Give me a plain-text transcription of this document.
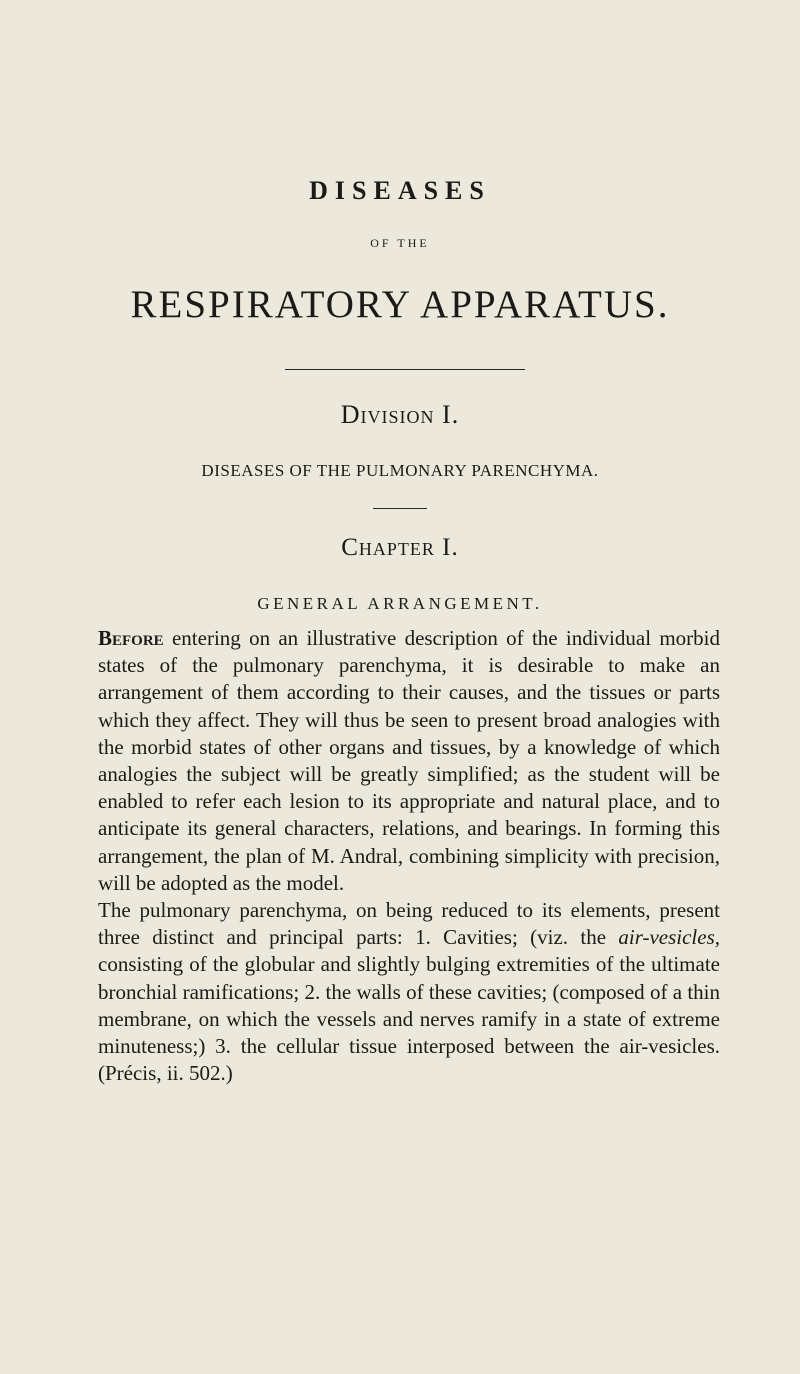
DISEASES
OF THE
RESPIRATORY APPARATUS.
Division I.
DISEASES OF THE PULMONARY PARENCHYMA.
Chapter I.
GENERAL ARRANGEMENT.

Before entering on an illustrative description of the individual morbid states of the pulmonary parenchyma, it is desirable to make an arrangement of them according to their causes, and the tissues or parts which they affect. They will thus be seen to present broad analogies with the morbid states of other organs and tissues, by a knowledge of which analogies the subject will be greatly simplified; as the student will be enabled to refer each lesion to its appropriate and natural place, and to anticipate its general characters, relations, and bearings. In forming this arrangement, the plan of M. Andral, combining simplicity with precision, will be adopted as the model.

The pulmonary parenchyma, on being reduced to its elements, present three distinct and principal parts: 1. Cavities; (viz. the air-vesicles, consisting of the globular and slightly bulging extremities of the ultimate bronchial ramifications; 2. the walls of these cavities; (composed of a thin membrane, on which the vessels and nerves ramify in a state of extreme minuteness;) 3. the cellular tissue interposed between the air-vesicles. (Précis, ii. 502.)
